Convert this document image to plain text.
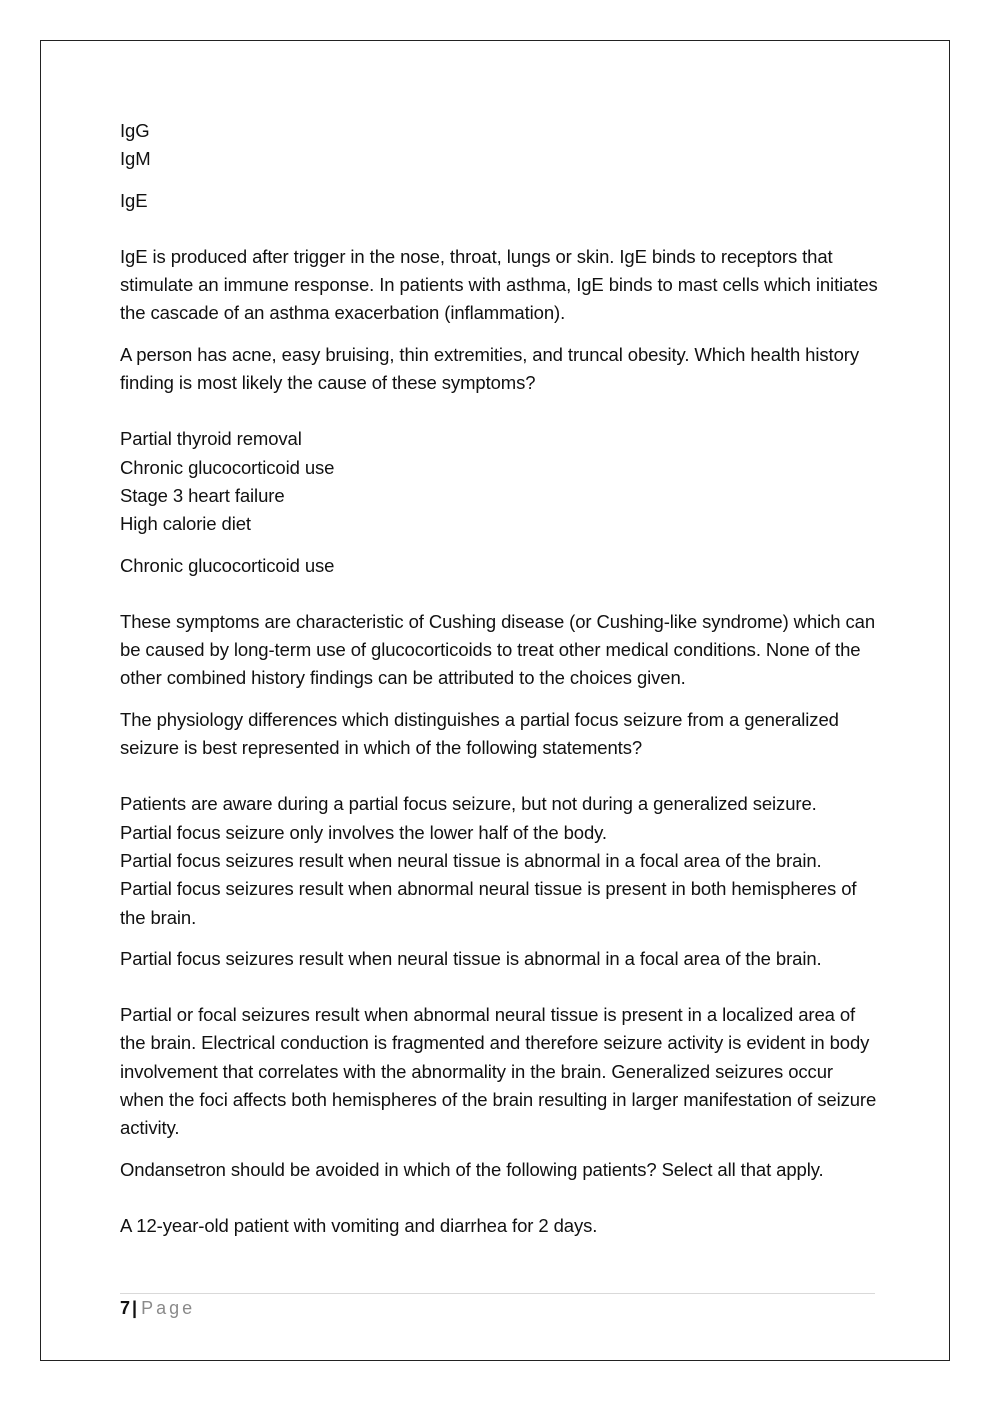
IgG

IgM

IgE

IgE is produced after trigger in the nose, throat, lungs or skin. IgE binds to receptors that stimulate an immune response. In patients with asthma, IgE binds to mast cells which initiates the cascade of an asthma exacerbation (inflammation).

A person has acne, easy bruising, thin extremities, and truncal obesity. Which health history finding is most likely the cause of these symptoms?

Partial thyroid removal

Chronic glucocorticoid use

Stage 3 heart failure

High calorie diet

Chronic glucocorticoid use

These symptoms are characteristic of Cushing disease (or Cushing-like syndrome) which can be caused by long-term use of glucocorticoids to treat other medical conditions. None of the other combined history findings can be attributed to the choices given.

The physiology differences which distinguishes a partial focus seizure from a generalized seizure is best represented in which of the following statements?

Patients are aware during a partial focus seizure, but not during a generalized seizure.

Partial focus seizure only involves the lower half of the body.

Partial focus seizures result when neural tissue is abnormal in a focal area of the brain.

Partial focus seizures result when abnormal neural tissue is present in both hemispheres of the brain.

Partial focus seizures result when neural tissue is abnormal in a focal area of the brain.

Partial or focal seizures result when abnormal neural tissue is present in a localized area of the brain. Electrical conduction is fragmented and therefore seizure activity is evident in body involvement that correlates with the abnormality in the brain. Generalized seizures occur when the foci affects both hemispheres of the brain resulting in larger manifestation of seizure activity.

Ondansetron should be avoided in which of the following patients? Select all that apply.

A 12-year-old patient with vomiting and diarrhea for 2 days.

7 | Page
